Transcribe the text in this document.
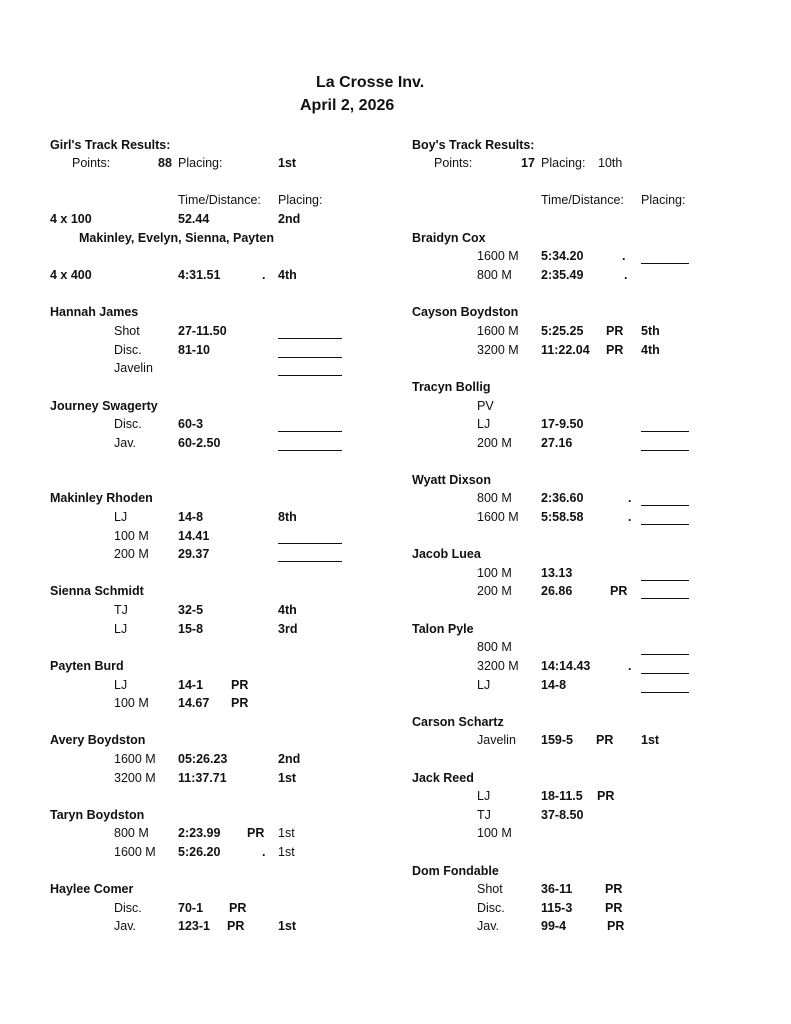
La Crosse Inv.
April 2, 2026
Girl's Track Results:
Points:	88 Placing:	1st
Time/Distance: Placing:
4 x 100	52.44	2nd
Makinley, Evelyn, Sienna, Payten
4 x 400	4:31.51	. 4th
Hannah James
Shot	27-11.50
Disc.	81-10
Javelin
Journey Swagerty
Disc.	60-3
Jav.	60-2.50
Makinley Rhoden
LJ	14-8	8th
100 M 14.41
200 M 29.37
Sienna Schmidt
TJ	32-5	4th
LJ	15-8	3rd
Payten Burd
LJ	14-1 PR
100 M 14.67 PR
Avery Boydston
1600 M 05:26.23	2nd
3200 M 11:37.71	1st
Taryn Boydston
800 M 2:23.99 PR 1st
1600 M 5:26.20	. 1st
Haylee Comer
Disc.	70-1 PR
Jav.	123-1 PR	1st
Boy's Track Results:
Points:	17 Placing: 10th
Time/Distance: Placing:
Braidyn Cox
1600 M 5:34.20	.
800 M 2:35.49	.
Cayson Boydston
1600 M 5:25.25 PR 5th
3200 M 11:22.04 PR 4th
Tracyn Bollig
PV
LJ	17-9.50
200 M 27.16
Wyatt Dixson
800 M 2:36.60	.
1600 M 5:58.58	.
Jacob Luea
100 M 13.13
200 M 26.86	PR
Talon Pyle
800 M
3200 M 14:14.43	.
LJ	14-8
Carson Schartz
Javelin 159-5 PR 1st
Jack Reed
LJ	18-11.5 PR
TJ	37-8.50
100 M
Dom Fondable
Shot	36-11	PR
Disc.	115-3	PR
Jav.	99-4	PR
